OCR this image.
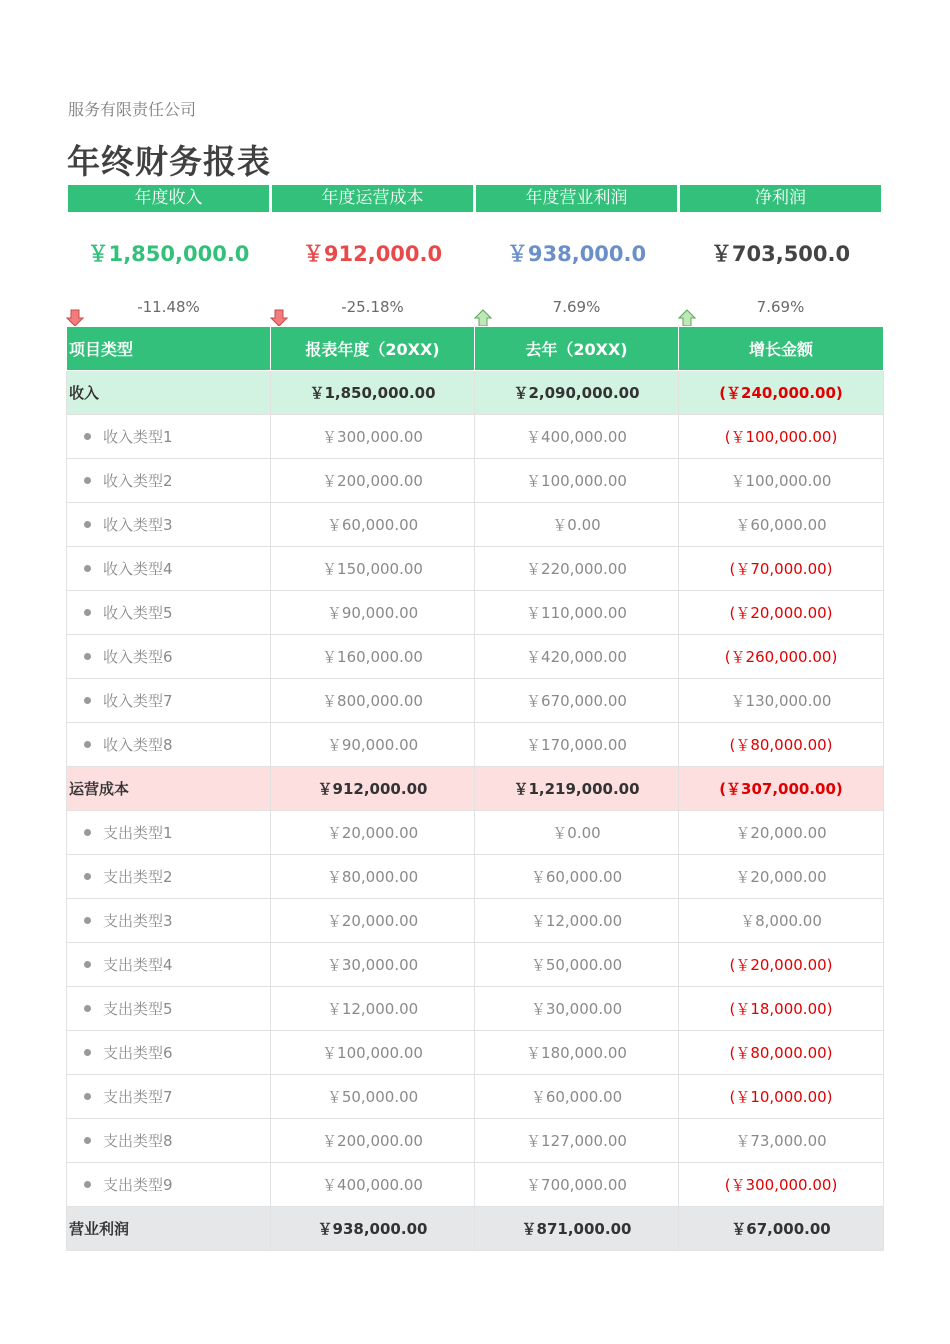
服务有限责任公司
年终财务报表
年度收入	年度运营成本	年度营业利润	净利润
￥1,850,000.0	￥912,000.0	￥938,000.0	￥703,500.0
-11.48%	-25.18%	7.69%	7.69%
项目类型	报表年度（20XX)	去年（20XX)	增长金额
收入	￥1,850,000.00	￥2,090,000.00	(￥240,000.00)
收入类型1	￥300,000.00	￥400,000.00	(￥100,000.00)
收入类型2	￥200,000.00	￥100,000.00	￥100,000.00
收入类型3	￥60,000.00	￥0.00	￥60,000.00
收入类型4	￥150,000.00	￥220,000.00	(￥70,000.00)
收入类型5	￥90,000.00	￥110,000.00	(￥20,000.00)
收入类型6	￥160,000.00	￥420,000.00	(￥260,000.00)
收入类型7	￥800,000.00	￥670,000.00	￥130,000.00
收入类型8	￥90,000.00	￥170,000.00	(￥80,000.00)
运营成本	￥912,000.00	￥1,219,000.00	(￥307,000.00)
支出类型1	￥20,000.00	￥0.00	￥20,000.00
支出类型2	￥80,000.00	￥60,000.00	￥20,000.00
支出类型3	￥20,000.00	￥12,000.00	￥8,000.00
支出类型4	￥30,000.00	￥50,000.00	(￥20,000.00)
支出类型5	￥12,000.00	￥30,000.00	(￥18,000.00)
支出类型6	￥100,000.00	￥180,000.00	(￥80,000.00)
支出类型7	￥50,000.00	￥60,000.00	(￥10,000.00)
支出类型8	￥200,000.00	￥127,000.00	￥73,000.00
支出类型9	￥400,000.00	￥700,000.00	(￥300,000.00)
营业利润	￥938,000.00	￥871,000.00	￥67,000.00
